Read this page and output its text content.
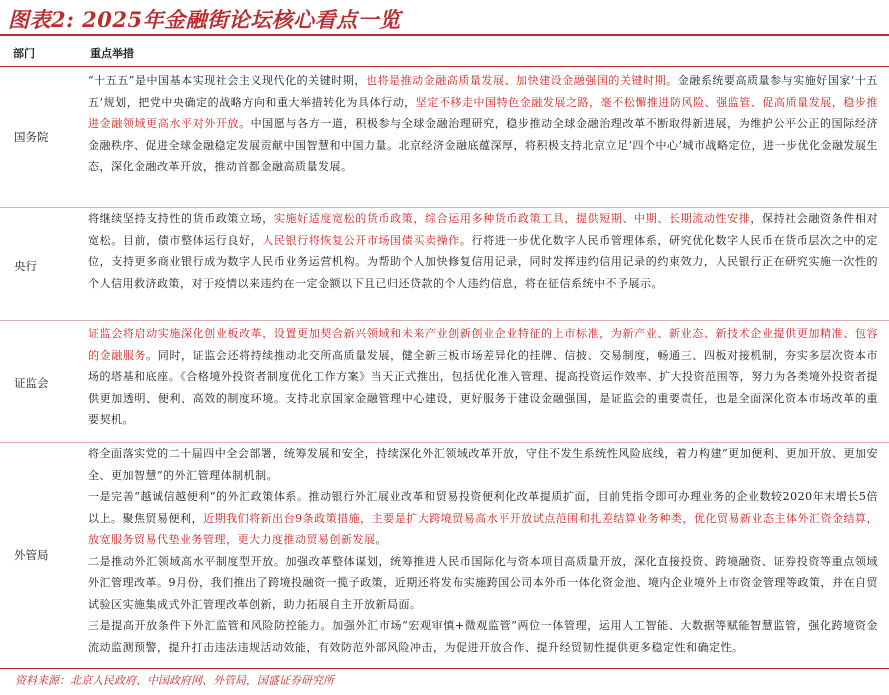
图表2: 2025年金融街论坛核心看点一览
部门	重点举措
国务院

“十五五”是中国基本实现社会主义现代化的关键时期，也将是推动金融高质量发展、加快建设金融强国的关键时期。金融系统要高质量参与实施好国家‘十五五’规划，把党中央确定的战略方向和重大举措转化为具体行动，坚定不移走中国特色金融发展之路，毫不松懈推进防风险、强监管、促高质量发展，稳步推进金融领域更高水平对外开放。中国愿与各方一道，积极参与全球金融治理研究，稳步推动全球金融治理改革不断取得新进展，为维护公平公正的国际经济金融秩序、促进全球金融稳定发展贡献中国智慧和中国力量。北京经济金融底蕴深厚，将积极支持北京立足‘四个中心’城市战略定位，进一步优化金融发展生态，深化金融改革开放，推动首都金融高质量发展。

央行

将继续坚持支持性的货币政策立场，实施好适度宽松的货币政策，综合运用多种货币政策工具，提供短期、中期、长期流动性安排，保持社会融资条件相对宽松。目前，债市整体运行良好，人民银行将恢复公开市场国债买卖操作。行将进一步优化数字人民币管理体系，研究优化数字人民币在货币层次之中的定位，支持更多商业银行成为数字人民币业务运营机构。为帮助个人加快修复信用记录，同时发挥违约信用记录的约束效力，人民银行正在研究实施一次性的个人信用救济政策，对于疫情以来违约在一定金额以下且已归还贷款的个人违约信息，将在征信系统中不予展示。

证监会

证监会将启动实施深化创业板改革，设置更加契合新兴领域和未来产业创新创业企业特征的上市标准，为新产业、新业态、新技术企业提供更加精准、包容的金融服务。同时，证监会还将持续推动北交所高质量发展，健全新三板市场差异化的挂牌、信披、交易制度，畅通三、四板对接机制，夯实多层次资本市场的塔基和底座。《合格境外投资者制度优化工作方案》当天正式推出，包括优化准入管理、提高投资运作效率、扩大投资范围等，努力为各类境外投资者提供更加透明、便利、高效的制度环境。支持北京国家金融管理中心建设，更好服务于建设金融强国，是证监会的重要责任，也是全面深化资本市场改革的重要契机。

外管局

将全面落实党的二十届四中全会部署，统筹发展和安全，持续深化外汇领域改革开放，守住不发生系统性风险底线，着力构建“更加便利、更加开放、更加安全、更加智慧”的外汇管理体制机制。

一是完善“越诚信越便利”的外汇政策体系。推动银行外汇展业改革和贸易投资便利化改革提质扩面，目前凭指令即可办理业务的企业数较2020年末增长5倍以上。聚焦贸易便利，近期我们将新出台9条政策措施，主要是扩大跨境贸易高水平开放试点范围和扎差结算业务种类，优化贸易新业态主体外汇资金结算，放宽服务贸易代垫业务管理，更大力度推动贸易创新发展。

二是推动外汇领域高水平制度型开放。加强改革整体谋划，统筹推进人民币国际化与资本项目高质量开放，深化直接投资、跨境融资、证券投资等重点领域外汇管理改革。9月份，我们推出了跨境投融资一揽子政策，近期还将发布实施跨国公司本外币一体化资金池、境内企业境外上市资金管理等政策，并在自贸试验区实施集成式外汇管理改革创新，助力拓展自主开放新局面。

三是提高开放条件下外汇监管和风险防控能力。加强外汇市场“宏观审慎+微观监管”两位一体管理，运用人工智能、大数据等赋能智慧监管，强化跨境资金流动监测预警，提升打击违法违规活动效能，有效防范外部风险冲击，为促进开放合作、提升经贸韧性提供更多稳定性和确定性。

资料来源：北京人民政府、中国政府网、外管局，国盛证券研究所
